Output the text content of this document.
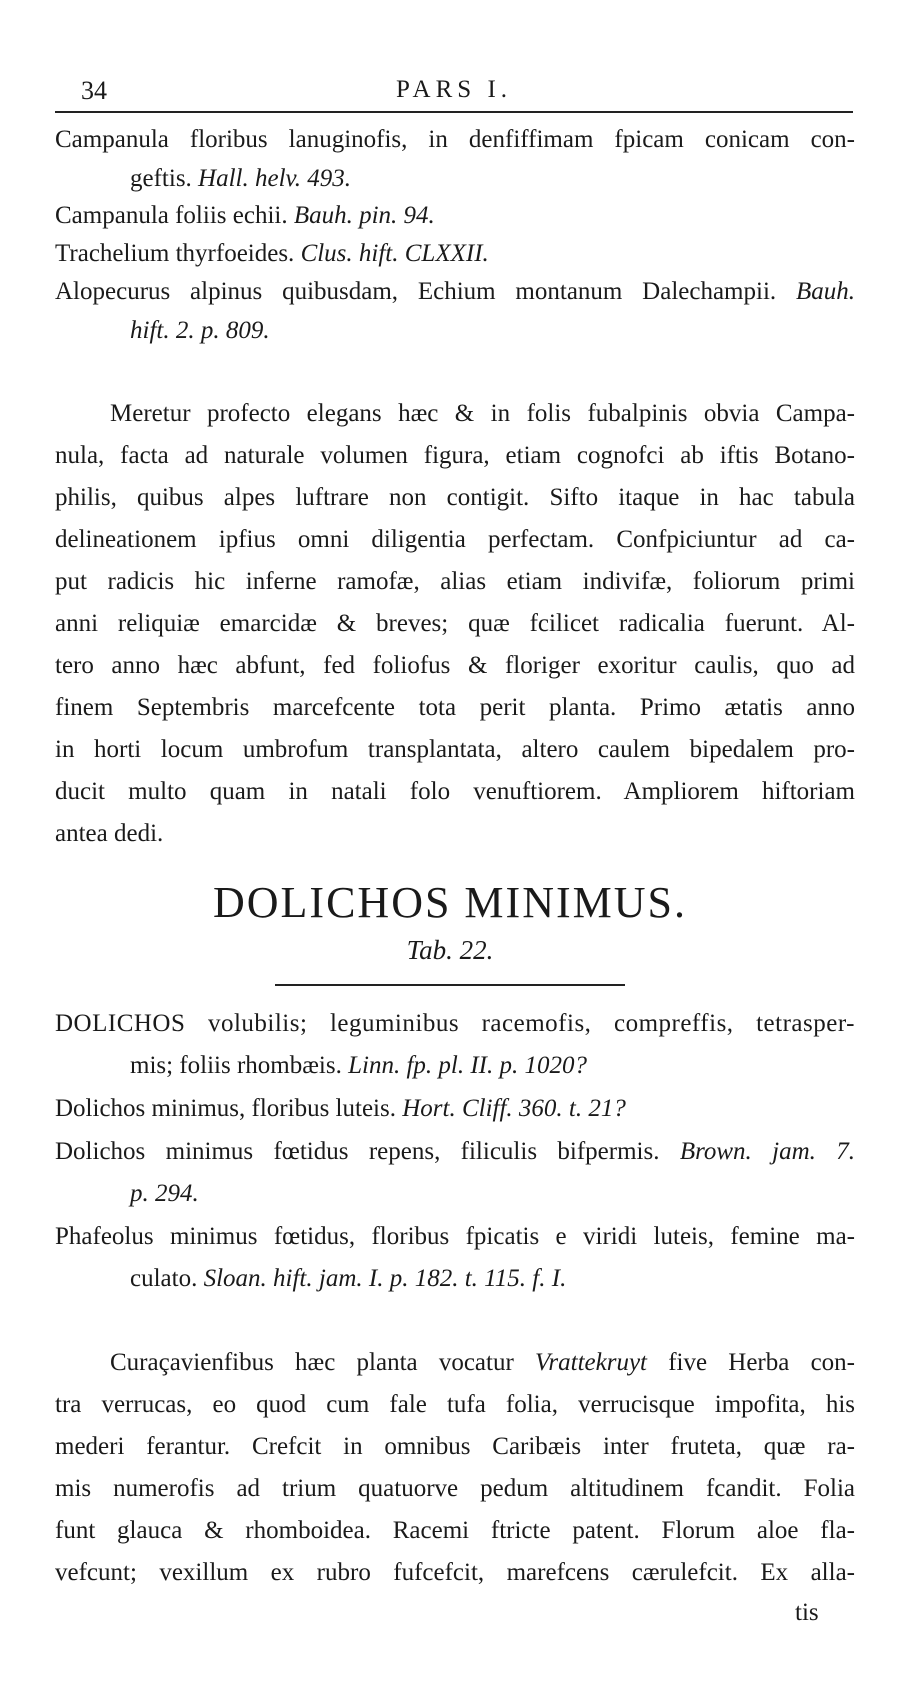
34	PARS I.
Campanula floribus lanuginofis, in denfiffimam fpicam conicam con-
geftis. Hall. helv. 493.
Campanula foliis echii. Bauh. pin. 94.
Trachelium thyrfoeides. Clus. hift. CLXXII.
Alopecurus alpinus quibusdam, Echium montanum Dalechampii. Bauh.
hift. 2. p. 809.
Meretur profecto elegans hæc & in folis fubalpinis obvia Campa-
nula, facta ad naturale volumen figura, etiam cognofci ab iftis Botano-
philis, quibus alpes luftrare non contigit. Sifto itaque in hac tabula
delineationem ipfius omni diligentia perfectam. Confpiciuntur ad ca-
put radicis hic inferne ramofæ, alias etiam indivifæ, foliorum primi
anni reliquiæ emarcidæ & breves; quæ fcilicet radicalia fuerunt. Al-
tero anno hæc abfunt, fed foliofus & floriger exoritur caulis, quo ad
finem Septembris marcefcente tota perit planta. Primo ætatis anno
in horti locum umbrofum transplantata, altero caulem bipedalem pro-
ducit multo quam in natali folo venuftiorem. Ampliorem hiftoriam
antea dedi.
DOLICHOS MINIMUS.
Tab. 22.
DOLICHOS volubilis; leguminibus racemofis, compreffis, tetrasper-
mis; foliis rhombæis. Linn. fp. pl. II. p. 1020?
Dolichos minimus, floribus luteis. Hort. Cliff. 360. t. 21?
Dolichos minimus fœtidus repens, filiculis bifpermis. Brown. jam. 7.
p. 294.
Phafeolus minimus fœtidus, floribus fpicatis e viridi luteis, femine ma-
culato. Sloan. hift. jam. I. p. 182. t. 115. f. I.
Curaçavienfibus hæc planta vocatur Vrattekruyt five Herba con-
tra verrucas, eo quod cum fale tufa folia, verrucisque impofita, his
mederi ferantur. Crefcit in omnibus Caribæis inter fruteta, quæ ra-
mis numerofis ad trium quatuorve pedum altitudinem fcandit. Folia
funt glauca & rhomboidea. Racemi ftricte patent. Florum aloe fla-
vefcunt; vexillum ex rubro fufcefcit, marefcens cærulefcit. Ex alla-
tis
